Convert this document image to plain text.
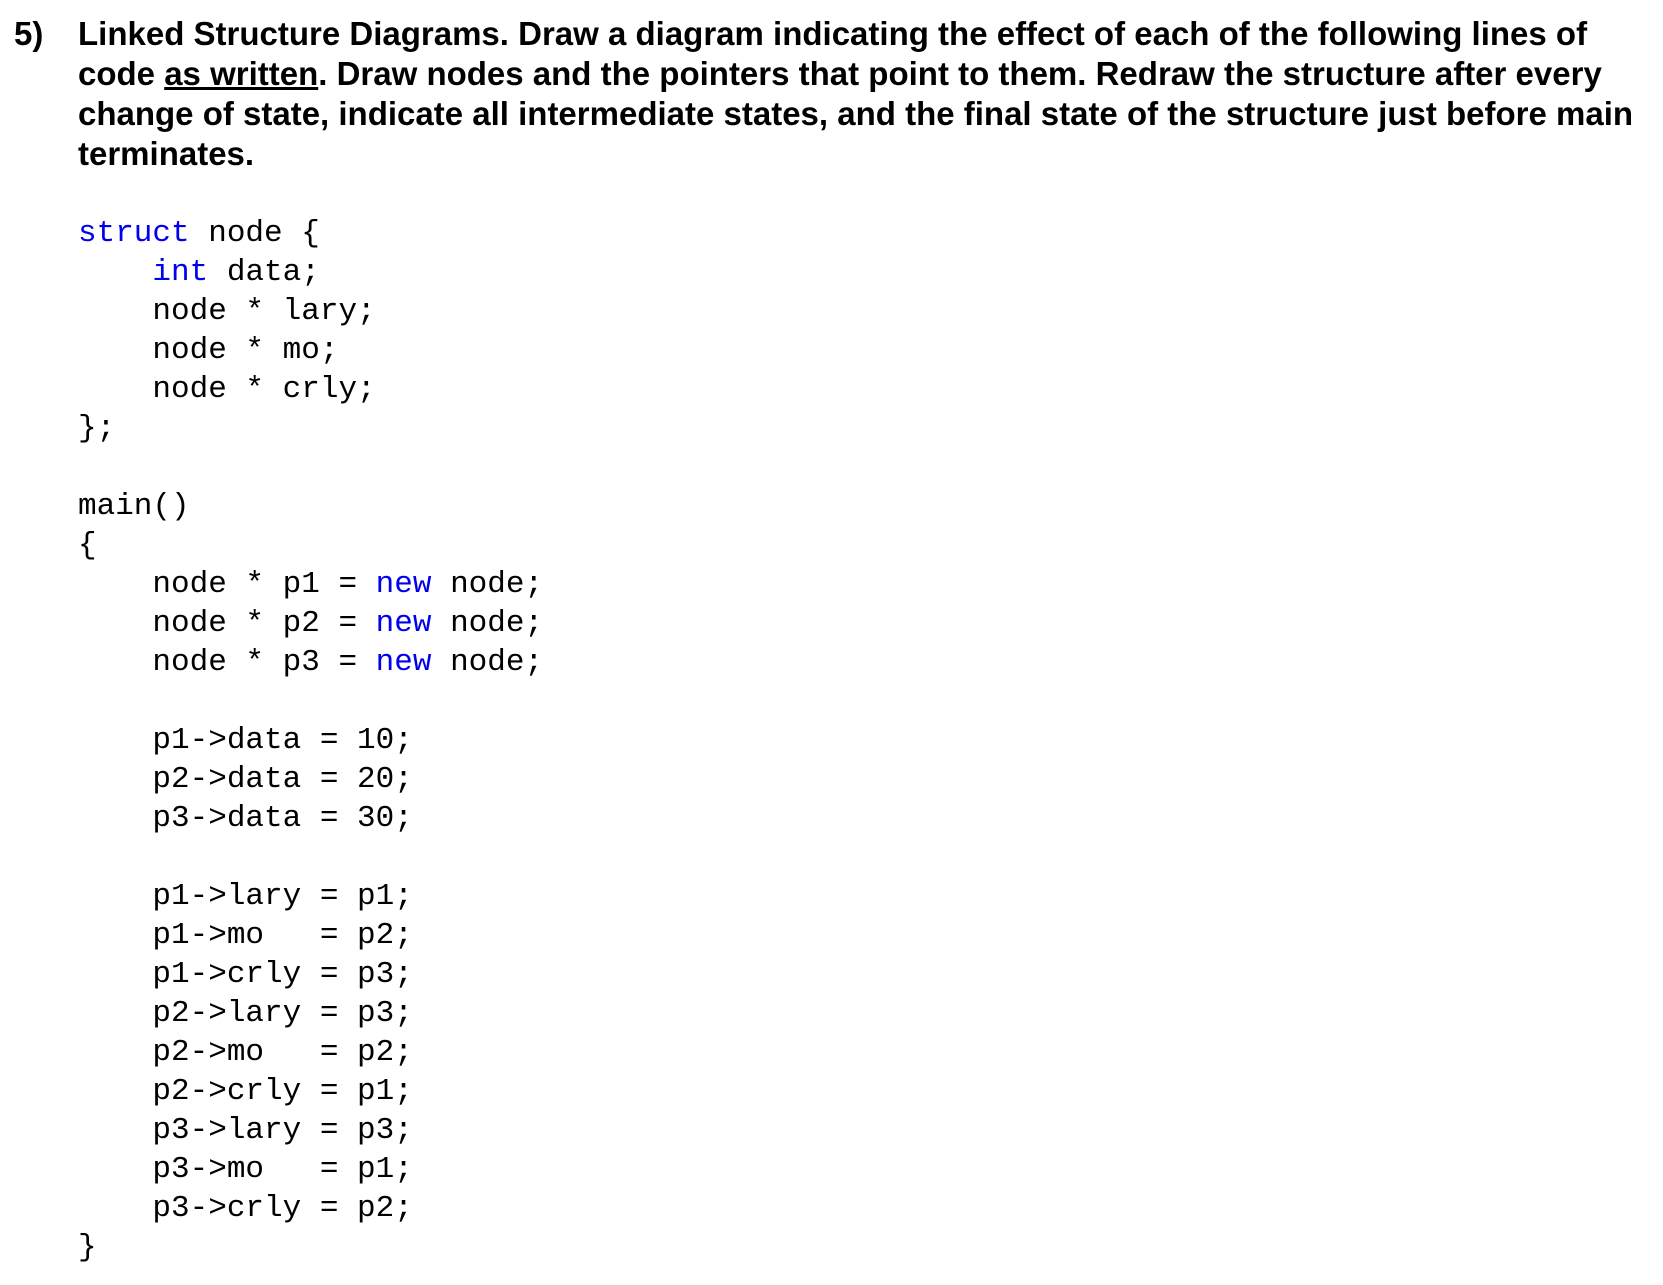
5) Linked Structure Diagrams. Draw a diagram indicating the effect of each of the following lines of code as written. Draw nodes and the pointers that point to them. Redraw the structure after every change of state, indicate all intermediate states, and the final state of the structure just before main terminates.
struct node {
int data;
node * lary;
node * mo;
node * crly;
};
main()
{
node * p1 = new node;
node * p2 = new node;
node * p3 = new node;
p1->data = 10;
p2->data = 20;
p3->data = 30;
p1->lary = p1;
p1->mo   = p2;
p1->crly = p3;
p2->lary = p3;
p2->mo   = p2;
p2->crly = p1;
p3->lary = p3;
p3->mo   = p1;
p3->crly = p2;
}
